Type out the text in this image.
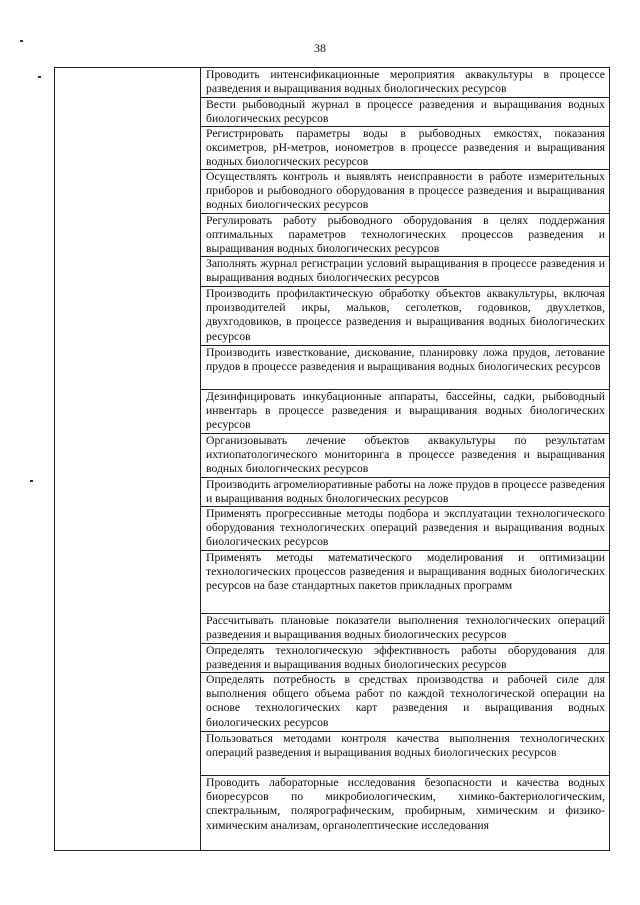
38
Проводить интенсификационные мероприятия аквакультуры в процессе разведения и выращивания водных биологических ресурсов
Вести рыбоводный журнал в процессе разведения и выращивания водных биологических ресурсов
Регистрировать параметры воды в рыбоводных емкостях, показания оксиметров, pH-метров, ионометров в процессе разведения и выращивания водных биологических ресурсов
Осуществлять контроль и выявлять неисправности в работе измерительных приборов и рыбоводного оборудования в процессе разведения и выращивания водных биологических ресурсов
Регулировать работу рыбоводного оборудования в целях поддержания оптимальных параметров технологических процессов разведения и выращивания водных биологических ресурсов
Заполнять журнал регистрации условий выращивания в процессе разведения и выращивания водных биологических ресурсов
Производить профилактическую обработку объектов аквакультуры, включая производителей икры, мальков, сеголетков, годовиков, двухлетков, двухгодовиков, в процессе разведения и выращивания водных биологических ресурсов
Производить известкование, дискование, планировку ложа прудов, летование прудов в процессе разведения и выращивания водных биологических ресурсов
Дезинфицировать инкубационные аппараты, бассейны, садки, рыбоводный инвентарь в процессе разведения и выращивания водных биологических ресурсов
Организовывать лечение объектов аквакультуры по результатам ихтиопатологического мониторинга в процессе разведения и выращивания водных биологических ресурсов
Производить агромелиоративные работы на ложе прудов в процессе разведения и выращивания водных биологических ресурсов
Применять прогрессивные методы подбора и эксплуатации технологического оборудования технологических операций разведения и выращивания водных биологических ресурсов
Применять методы математического моделирования и оптимизации технологических процессов разведения и выращивания водных биологических ресурсов на базе стандартных пакетов прикладных программ
Рассчитывать плановые показатели выполнения технологических операций разведения и выращивания водных биологических ресурсов
Определять технологическую эффективность работы оборудования для разведения и выращивания водных биологических ресурсов
Определять потребность в средствах производства и рабочей силе для выполнения общего объема работ по каждой технологической операции на основе технологических карт разведения и выращивания водных биологических ресурсов
Пользоваться методами контроля качества выполнения технологических операций разведения и выращивания водных биологических ресурсов
Проводить лабораторные исследования безопасности и качества водных биоресурсов по микробиологическим, химико-бактериологическим, спектральным, полярографическим, пробирным, химическим и физико-химическим анализам, органолептические исследования
